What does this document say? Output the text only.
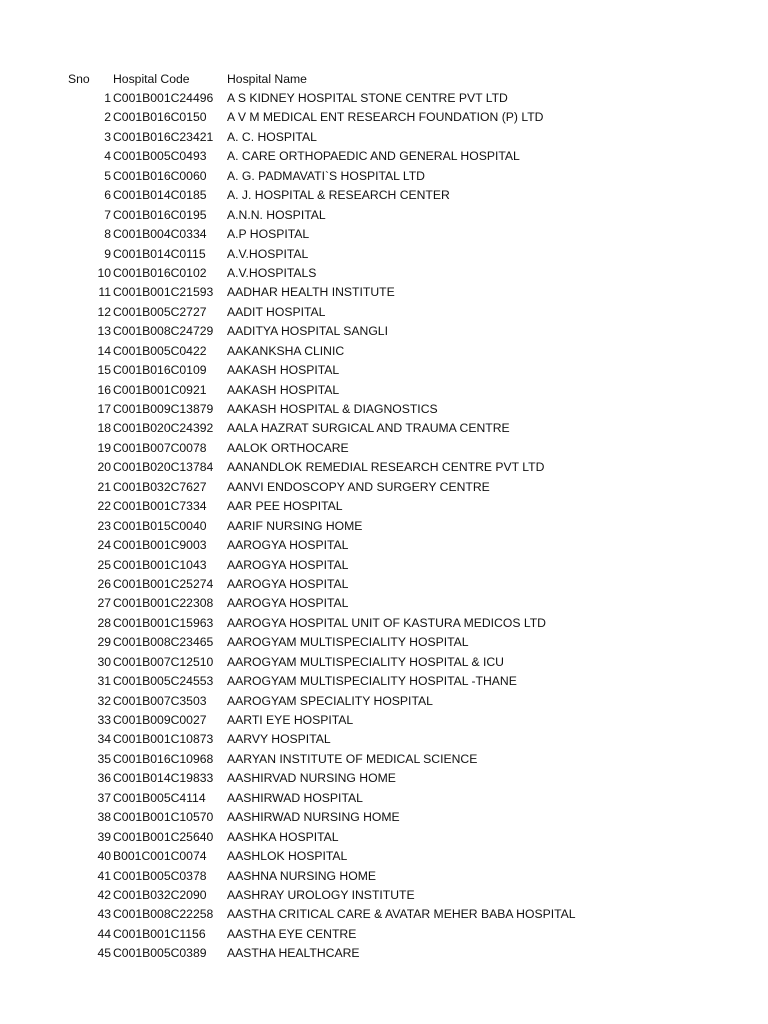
Sno	Hospital Code	Hospital Name
1 C001B001C24496	A S KIDNEY HOSPITAL STONE CENTRE PVT LTD
2 C001B016C0150	A V M MEDICAL ENT RESEARCH FOUNDATION (P) LTD
3 C001B016C23421	A. C. HOSPITAL
4 C001B005C0493	A. CARE ORTHOPAEDIC AND GENERAL HOSPITAL
5 C001B016C0060	A. G. PADMAVATI`S HOSPITAL LTD
6 C001B014C0185	A. J. HOSPITAL & RESEARCH CENTER
7 C001B016C0195	A.N.N. HOSPITAL
8 C001B004C0334	A.P HOSPITAL
9 C001B014C0115	A.V.HOSPITAL
10 C001B016C0102	A.V.HOSPITALS
11 C001B001C21593	AADHAR HEALTH INSTITUTE
12 C001B005C2727	AADIT HOSPITAL
13 C001B008C24729	AADITYA HOSPITAL SANGLI
14 C001B005C0422	AAKANKSHA CLINIC
15 C001B016C0109	AAKASH HOSPITAL
16 C001B001C0921	AAKASH HOSPITAL
17 C001B009C13879	AAKASH HOSPITAL & DIAGNOSTICS
18 C001B020C24392	AALA HAZRAT SURGICAL AND TRAUMA CENTRE
19 C001B007C0078	AALOK ORTHOCARE
20 C001B020C13784	AANANDLOK REMEDIAL RESEARCH CENTRE PVT LTD
21 C001B032C7627	AANVI ENDOSCOPY AND SURGERY CENTRE
22 C001B001C7334	AAR PEE HOSPITAL
23 C001B015C0040	AARIF NURSING HOME
24 C001B001C9003	AAROGYA HOSPITAL
25 C001B001C1043	AAROGYA HOSPITAL
26 C001B001C25274	AAROGYA HOSPITAL
27 C001B001C22308	AAROGYA HOSPITAL
28 C001B001C15963	AAROGYA HOSPITAL UNIT OF KASTURA MEDICOS LTD
29 C001B008C23465	AAROGYAM MULTISPECIALITY HOSPITAL
30 C001B007C12510	AAROGYAM MULTISPECIALITY HOSPITAL & ICU
31 C001B005C24553	AAROGYAM MULTISPECIALITY HOSPITAL -THANE
32 C001B007C3503	AAROGYAM SPECIALITY HOSPITAL
33 C001B009C0027	AARTI EYE HOSPITAL
34 C001B001C10873	AARVY HOSPITAL
35 C001B016C10968	AARYAN INSTITUTE OF MEDICAL SCIENCE
36 C001B014C19833	AASHIRVAD NURSING HOME
37 C001B005C4114	AASHIRWAD HOSPITAL
38 C001B001C10570	AASHIRWAD NURSING HOME
39 C001B001C25640	AASHKA HOSPITAL
40 B001C001C0074	AASHLOK HOSPITAL
41 C001B005C0378	AASHNA NURSING HOME
42 C001B032C2090	AASHRAY UROLOGY INSTITUTE
43 C001B008C22258	AASTHA CRITICAL CARE & AVATAR MEHER BABA HOSPITAL
44 C001B001C1156	AASTHA EYE CENTRE
45 C001B005C0389	AASTHA HEALTHCARE
